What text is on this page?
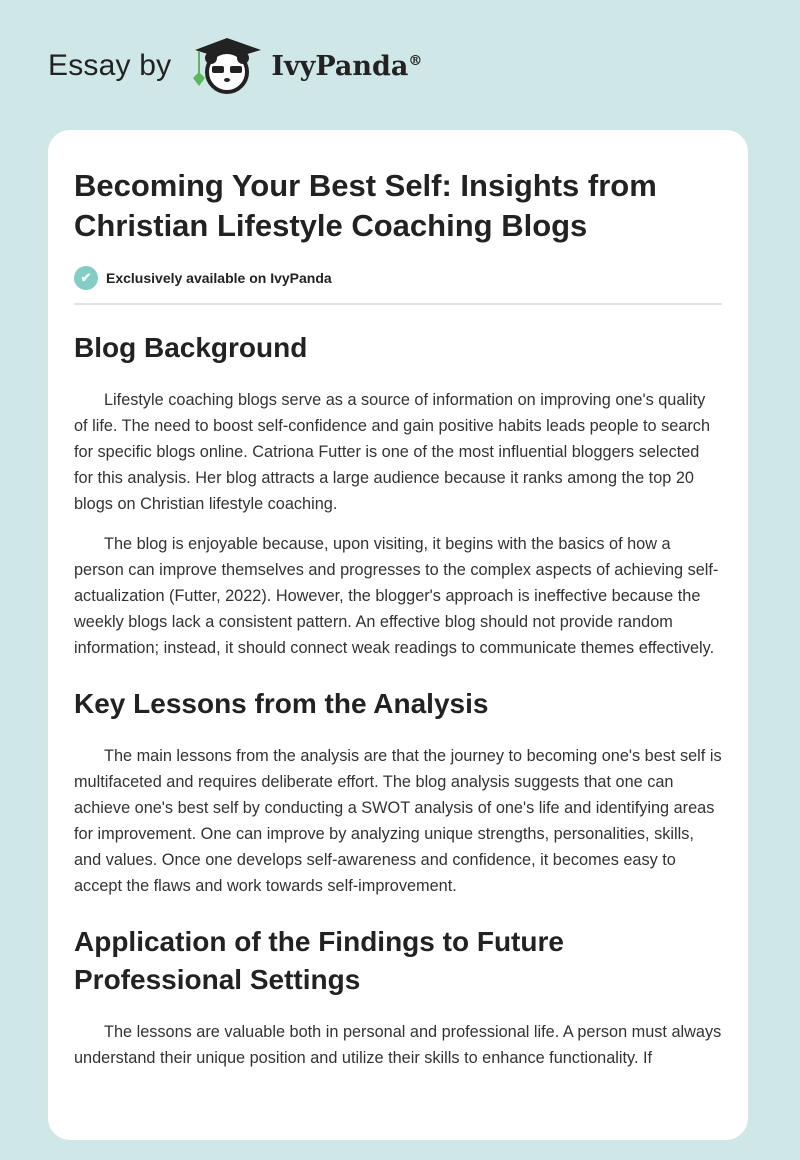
Essay by	IvyPanda®
Becoming Your Best Self: Insights from Christian Lifestyle Coaching Blogs
✔	Exclusively available on IvyPanda
Blog Background

Lifestyle coaching blogs serve as a source of information on improving one's quality of life. The need to boost self-confidence and gain positive habits leads people to search for specific blogs online. Catriona Futter is one of the most influential bloggers selected for this analysis. Her blog attracts a large audience because it ranks among the top 20 blogs on Christian lifestyle coaching.

The blog is enjoyable because, upon visiting, it begins with the basics of how a person can improve themselves and progresses to the complex aspects of achieving self-actualization (Futter, 2022). However, the blogger's approach is ineffective because the weekly blogs lack a consistent pattern. An effective blog should not provide random information; instead, it should connect weak readings to communicate themes effectively.

Key Lessons from the Analysis

The main lessons from the analysis are that the journey to becoming one's best self is multifaceted and requires deliberate effort. The blog analysis suggests that one can achieve one's best self by conducting a SWOT analysis of one's life and identifying areas for improvement. One can improve by analyzing unique strengths, personalities, skills, and values. Once one develops self-awareness and confidence, it becomes easy to accept the flaws and work towards self-improvement.

Application of the Findings to Future Professional Settings

The lessons are valuable both in personal and professional life. A person must always understand their unique position and utilize their skills to enhance functionality. If
